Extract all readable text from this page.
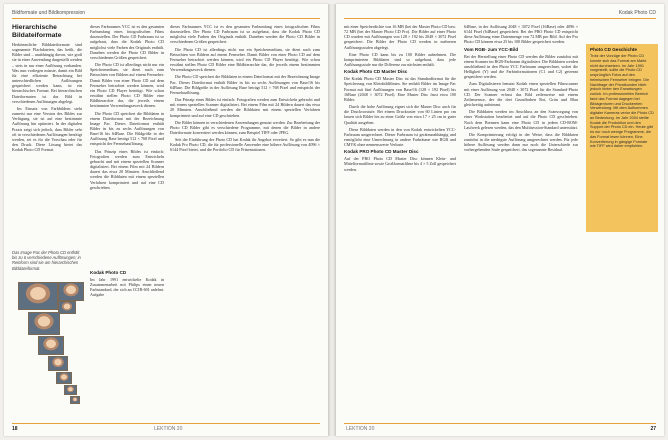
Bildformate und Bildkompression
Hierarchische Bildateiformate

Herkömmliche Bilddateiformate sind sogenannte Flachdateien, das heißt, die Bilder sind – unabhängig davon, wie groß sie in einer Anwendung dargestellt werden – stets in nur einer Auflösung vorhanden. Was nun vorliegen müsste, damit ein Bild für eine effiziente Betrachtung bei unterschiedlichen Auflösungen gespeichert werden kann, ist ein hierarchisches Format. Bei hierarchischen Dateiformaten ist das Bild in verschiedenen Auflösungen abgelegt.

Im Einsatz von Farbbildern steht zumeist nur eine Version des Bildes zur Verfügung, sie ist auf eine bestimmte Auflösung hin optimiert. In der digitalen Praxis zeigt sich jedoch, dass Bilder sehr oft in verschiedenen Auflösungen benötigt werden, sei es für die Vorschau oder für den Druck. Diese Lösung bietet das Kodak Photo CD Format.

Kodak Photo CD

Im Jahr 1991 entwickelte Kodak in Zusammenarbeit mit Philips einen neuen Farbstandard, der sich an CCIR-601 anlehnt. Aufgabe

Das Image Pac der Photo CD enthält bis zu 6 verschiedene Auflösungen; in Reinform sind sie am hierarchischen Bilddateiformat.

dieses Farbraumes YCC ist es den gesamten Farbumfang eines fotografischen Films darzustellen. Der Photo CD Farbraum ist so aufgebaut, dass die Kodak Photo CD möglichst viele Farben des Originals enthält. Daneben werden die Photo CD Bilder in verschiedenen Größen gespeichert.

Die Photo CD ist allerdings nicht nur ein Speichermedium, sie dient auch zum Betrachten von Bildern auf einem Fernseher. Damit Bilder von einer Photo CD auf dem Fernseher betrachtet werden können, wird ein Photo CD Player benötigt. Wie schon erwähnt stellen Photo CD Bilder eine Bildhierarchie dar, die jeweils einem bestimmten Verwendungszweck dienen.

Die Photo CD speichert die Bilddaten in einem Dateiformat mit der Bezeichnung Image Pac. Dieses Dateiformat enthält Bilder in bis zu sechs Auflösungen von Base/16 bis 64Base. Die Bildgröße in der Auflösung Base beträgt 512 × 768 Pixel und entspricht der Fernsehauflösung.

Das Prinzip eines Bildes ist einfach: Fotografien werden zum Entwickeln gebracht und mit einem speziellen Scanner digitalisiert. Bei einem Film mit 24 Bildern dauert das etwa 20 Minuten. Anschließend werden die Bilddaten mit einem speziellen Verfahren komprimiert und auf eine CD geschrieben.

Die Bilder können in verschiedenen Anwendungen genutzt werden. Zur Bearbeitung der Photo CD Bilder gibt es verschiedene Programme, mit denen die Bilder in andere Dateiformate konvertiert werden können, zum Beispiel TIFF oder JPEG.

Seit der Einführung der Photo CD hat Kodak ihr Angebot erweitert. So gibt es nun die Kodak Pro Photo CD, die für professionelle Anwender eine höhere Auflösung von 4096 × 6144 Pixel bietet, und die Portfolio CD für Präsentationen.

dieses Farbraumes YCC ist es den gesamten Farbumfang eines fotografischen Films darzustellen. Der Photo CD Farbraum ist so aufgebaut, dass die Kodak Photo CD möglichst viele Farben des Originals enthält. Daneben werden die Photo CD Bilder in verschiedenen Größen gespeichert.

Die Photo CD ist allerdings nicht nur ein Speichermedium, sie dient auch zum Betrachten von Bildern auf einem Fernseher. Damit Bilder von einer Photo CD auf dem Fernseher betrachtet werden können, wird ein Photo CD Player benötigt. Wie schon erwähnt stellen Photo CD Bilder eine Bildhierarchie dar, die jeweils einem bestimmten Verwendungszweck dienen.

Die Photo CD speichert die Bilddaten in einem Dateiformat mit der Bezeichnung Image Pac. Dieses Dateiformat enthält Bilder in bis zu sechs Auflösungen von Base/16 bis 64Base. Die Bildgröße in der Auflösung Base beträgt 512 × 768 Pixel und entspricht der Fernsehauflösung.

Das Prinzip eines Bildes ist einfach: Fotografien werden zum Entwickeln gebracht und mit einem speziellen Scanner digitalisiert. Bei einem Film mit 24 Bildern dauert das etwa 20 Minuten. Anschließend werden die Bilddaten mit einem speziellen Verfahren komprimiert und auf eine CD geschrieben.

18	LEKTION 20
Kodak Photo CD

mit einer Speicherdichte von 16 MB (bei der Master Photo CD bzw. 72 MB (bei der Master Photo CD Pro). Die Bilder auf einer Photo CD wurden mit Auflösungen von 128 × 192 bis 2048 × 3072 Pixel gespeichert. Die Bilder der Photo CD werden in mehreren Auflösungsstufen abgelegt.

Eine Photo CD kann bis zu 100 Bilder aufnehmen. Die komprimierten Bilddaten sind so aufgebaut, dass jede Auflösungsstufe nur die Differenz zur nächsten enthält.

Kodak Photo CD Master Disc

Die Kodak Photo CD Master Disc ist das Standardformat für die Speicherung von Kleinbildfilmen. Sie enthält Bilder im Image Pac Format mit fünf Auflösungen von Base/16 (128 × 192 Pixel) bis 16Base (2048 × 3072 Pixel). Eine Master Disc fasst etwa 100 Bilder.

Durch die hohe Auflösung eignet sich die Master Disc auch für die Druckvorstufe. Bei einem Druckraster von 60 Linien pro cm lassen sich Bilder bis zu einer Größe von etwa 17 × 25 cm in guter Qualität ausgeben.

Diese Bilddaten werden in den von Kodak entwickelten YCC-Farbraum umgerechnet. Dieser Farbraum ist geräteunabhängig und ermöglicht eine Umrechnung in andere Farbräume wie RGB und CMYK ohne nennenswerte Verluste.

Kodak PRO Photo CD Master Disc

Auf der PRO Photo CD Master Disc können Klein- und Mittelformatfilme sowie Großformatfilme bis 4 × 5 Zoll gespeichert werden.

64Base, in der Auflösung 2048 × 3072 Pixel (16Base) oder 4096 × 6144 Pixel (64Base) gespeichert. Bei der PRO Photo CD entspricht diese Auflösung einer Datenmenge von 72 MB pro Bild. Auf der Pro Photo CD können etwa 25 bis 100 Bilder gespeichert werden.

Vom RGB- zum YCC-Bild

Bei der Herstellung einer Photo CD werden die Bilder zunächst mit einem Scanner im RGB-Farbraum digitalisiert. Die Bilddaten werden anschließend in den Photo YCC Farbraum umgerechnet, wobei die Helligkeit (Y) und die Farbinformationen (C1 und C2) getrennt gespeichert werden.

Zum Digitalisieren benutzt Kodak einen speziellen Filmscanner mit einer Auflösung von 2048 × 3072 Pixel für die Standard-Photo CD. Der Scanner erfasst das Bild zeilenweise mit einem Zeilensensor, der die drei Grundfarben Rot, Grün und Blau gleichzeitig aufnimmt.

Die Bilddaten werden im Anschluss an den Scanvorgang von einer Workstation bearbeitet und auf die Photo CD geschrieben. Nach dem Brennen kann eine Photo CD in jedem CD-ROM-Laufwerk gelesen werden, das den Multisession-Standard unterstützt.

Die Komprimierung erfolgt in der Weise, dass die Bilddaten zunächst in die niedrigste Auflösung umgerechnet werden. Für jede höhere Auflösung werden dann nur noch die Unterschiede zur vorhergehenden Stufe gespeichert, das sogenannte Residual.

Photo CD Geschichte
Trotz der Vorzüge der Photo CD konnte sich das Format am Markt nicht durchsetzen. Im Jahr 1991 vorgestellt, sollte die Photo CD ursprünglich Fotos auf den heimischen Fernseher bringen. Die Nachfrage der Privatkunden blieb jedoch hinter den Erwartungen zurück. Im professionellen Bereich fand das Format dagegen bei Bildagenturen und Druckereien Verwendung. Mit dem Aufkommen digitaler Kameras verlor die Photo CD an Bedeutung. Im Jahr 2004 stellte Kodak die Produktion und den Support der Photo CD ein. Heute gibt es nur noch wenige Programme, die das Format lesen können. Eine Konvertierung in gängige Formate wie TIFF wird daher empfohlen.
LEKTION 20	27
